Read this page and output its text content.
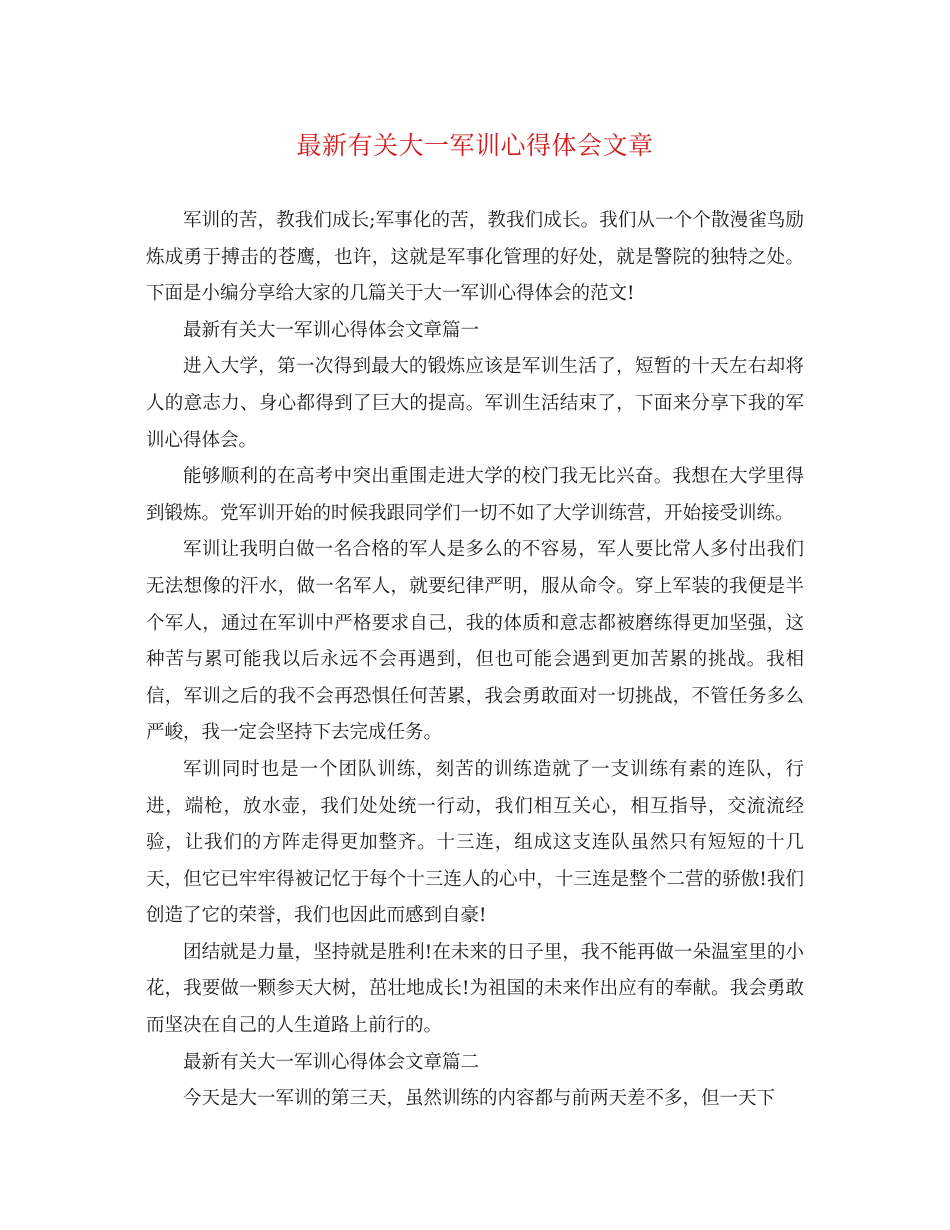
最新有关大一军训心得体会文章

军训的苦，教我们成长;军事化的苦，教我们成长。我们从一个个散漫雀鸟励炼成勇于搏击的苍鹰，也许，这就是军事化管理的好处，就是警院的独特之处。下面是小编分享给大家的几篇关于大一军训心得体会的范文!

最新有关大一军训心得体会文章篇一

进入大学，第一次得到最大的锻炼应该是军训生活了，短暂的十天左右却将人的意志力、身心都得到了巨大的提高。军训生活结束了，下面来分享下我的军训心得体会。

能够顺利的在高考中突出重围走进大学的校门我无比兴奋。我想在大学里得到锻炼。党军训开始的时候我跟同学们一切不如了大学训练营，开始接受训练。

军训让我明白做一名合格的军人是多么的不容易，军人要比常人多付出我们无法想像的汗水，做一名军人，就要纪律严明，服从命令。穿上军装的我便是半个军人，通过在军训中严格要求自己，我的体质和意志都被磨练得更加坚强，这种苦与累可能我以后永远不会再遇到，但也可能会遇到更加苦累的挑战。我相信，军训之后的我不会再恐惧任何苦累，我会勇敢面对一切挑战，不管任务多么严峻，我一定会坚持下去完成任务。

军训同时也是一个团队训练，刻苦的训练造就了一支训练有素的连队，行进，端枪，放水壶，我们处处统一行动，我们相互关心，相互指导，交流流经验，让我们的方阵走得更加整齐。十三连，组成这支连队虽然只有短短的十几天，但它已牢牢得被记忆于每个十三连人的心中，十三连是整个二营的骄傲!我们创造了它的荣誉，我们也因此而感到自豪!

团结就是力量，坚持就是胜利!在未来的日子里，我不能再做一朵温室里的小花，我要做一颗参天大树，茁壮地成长!为祖国的未来作出应有的奉献。我会勇敢而坚决在自己的人生道路上前行的。

最新有关大一军训心得体会文章篇二

今天是大一军训的第三天，虽然训练的内容都与前两天差不多，但一天下
